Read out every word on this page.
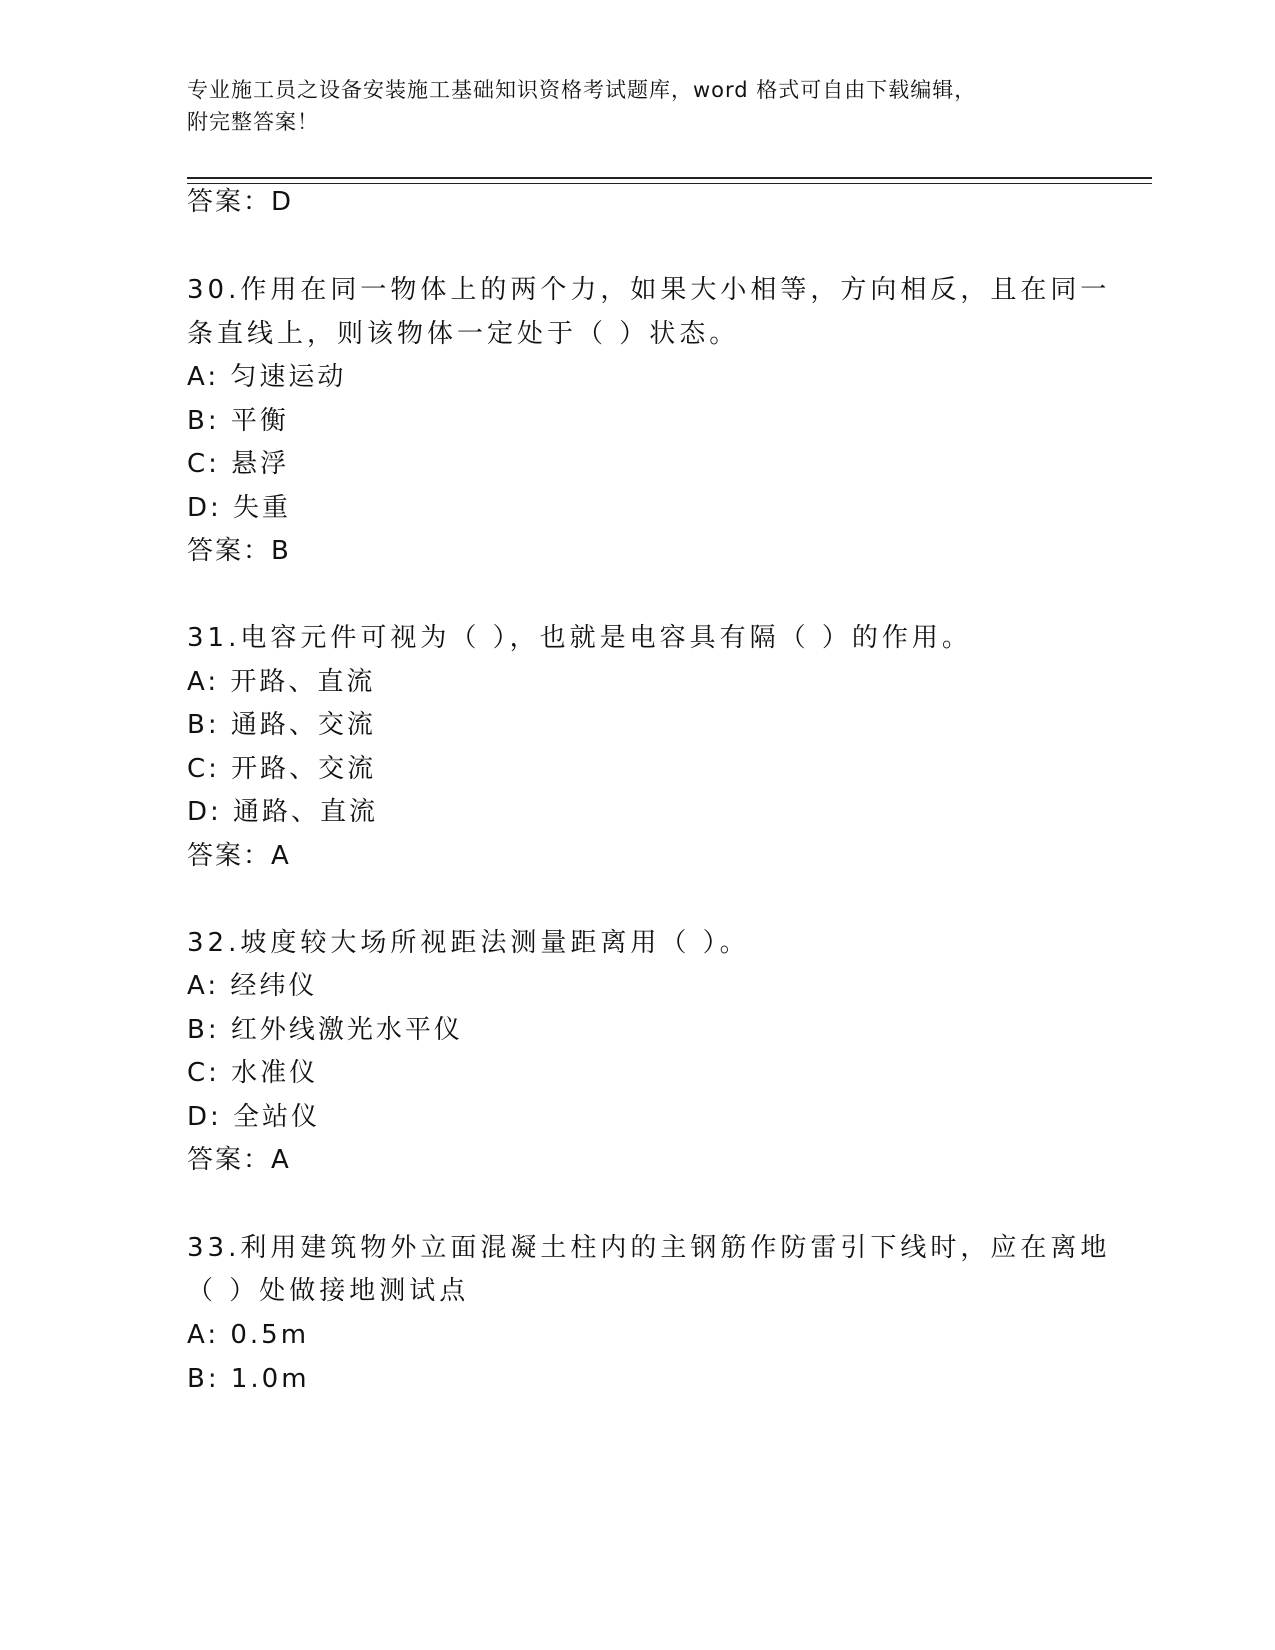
专业施工员之设备安装施工基础知识资格考试题库，word 格式可自由下载编辑，
附完整答案！
答案：D
30.作用在同一物体上的两个力，如果大小相等，方向相反，且在同一
条直线上，则该物体一定处于（ ）状态。
A: 匀速运动
B: 平衡
C: 悬浮
D: 失重
答案：B
31.电容元件可视为（ ），也就是电容具有隔（ ）的作用。
A: 开路、直流
B: 通路、交流
C: 开路、交流
D: 通路、直流
答案：A
32.坡度较大场所视距法测量距离用（ ）。
A: 经纬仪
B: 红外线激光水平仪
C: 水准仪
D: 全站仪
答案：A
33.利用建筑物外立面混凝土柱内的主钢筋作防雷引下线时，应在离地
（ ）处做接地测试点
A: 0.5m
B: 1.0m
